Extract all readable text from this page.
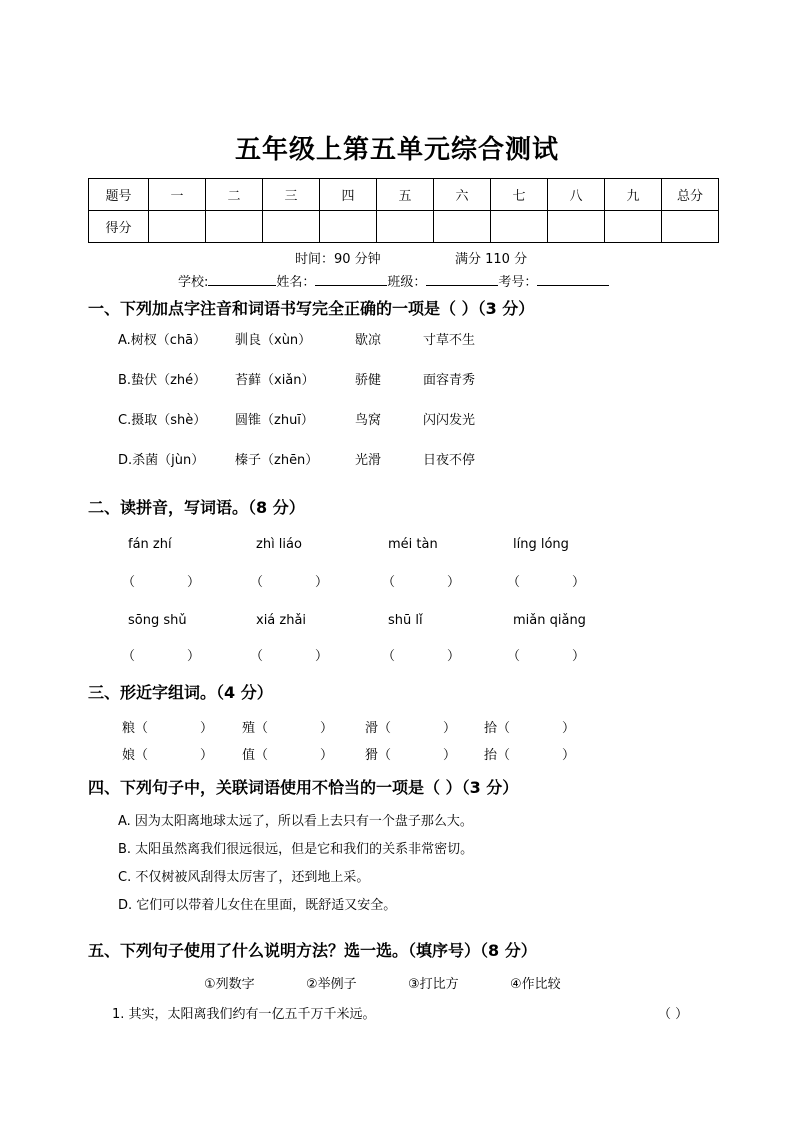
五年级上第五单元综合测试
题号	一	二	三	四	五	六	七	八	九	总分
得分										
时间：90 分钟	满分 110 分
学校:	姓名：	班级：	考号：
一、下列加点字注音和词语书写完全正确的一项是（ ）（3 分）
A.树杈（chā） 驯良（xùn）	歇凉	寸草不生
B.蛰伏（zhé） 苔藓（xiǎn）	骄健	面容青秀
C.摄取（shè） 圆锥（zhuī）	鸟窝	闪闪发光
D.杀菌（jùn） 榛子（zhēn）	光滑	日夜不停
二、读拼音，写词语。（8 分）
fán zhí	zhì liáo	méi tàn	líng lóng
（	）	（	）	（	）	（	）
sōng shǔ	xiá zhǎi	shū lǐ	miǎn qiǎng
（	）	（	）	（	）	（	）
三、形近字组词。（4 分）
粮（	） 殖（	） 滑（	） 拾（	）
娘（	） 值（	） 猾（	） 抬（	）
四、下列句子中，关联词语使用不恰当的一项是（ ）（3 分）
A. 因为太阳离地球太远了，所以看上去只有一个盘子那么大。
B. 太阳虽然离我们很远很远，但是它和我们的关系非常密切。
C. 不仅树被风刮得太厉害了，还到地上采。
D. 它们可以带着儿女住在里面，既舒适又安全。
五、下列句子使用了什么说明方法？选一选。（填序号）（8 分）
①列数字	②举例子	③打比方	④作比较
1. 其实，太阳离我们约有一亿五千万千米远。	（ ）
